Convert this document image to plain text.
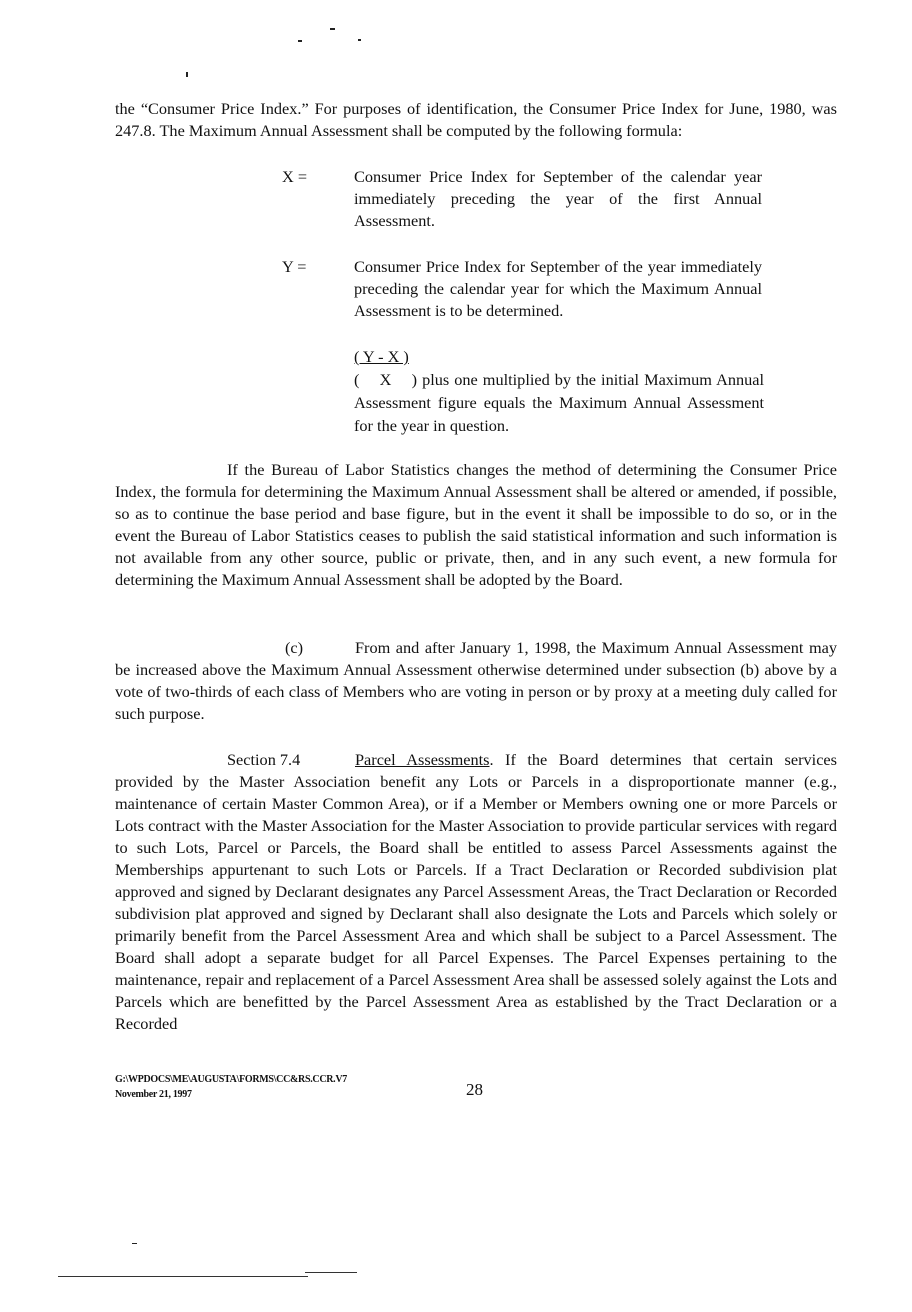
the “Consumer Price Index.” For purposes of identification, the Consumer Price Index for June, 1980, was 247.8. The Maximum Annual Assessment shall be computed by the following formula:

X =	Consumer Price Index for September of the calendar year immediately preceding the year of the first Annual Assessment.

Y =	Consumer Price Index for September of the year immediately preceding the calendar year for which the Maximum Annual Assessment is to be determined.

( Y - X )
(    X    ) plus one multiplied by the initial Maximum Annual Assessment figure equals the Maximum Annual Assessment for the year in question.

If the Bureau of Labor Statistics changes the method of determining the Consumer Price Index, the formula for determining the Maximum Annual Assessment shall be altered or amended, if possible, so as to continue the base period and base figure, but in the event it shall be impossible to do so, or in the event the Bureau of Labor Statistics ceases to publish the said statistical information and such information is not available from any other source, public or private, then, and in any such event, a new formula for determining the Maximum Annual Assessment shall be adopted by the Board.

(c)	From and after January 1, 1998, the Maximum Annual Assessment may be increased above the Maximum Annual Assessment otherwise determined under subsection (b) above by a vote of two-thirds of each class of Members who are voting in person or by proxy at a meeting duly called for such purpose.

Section 7.4	Parcel Assessments. If the Board determines that certain services provided by the Master Association benefit any Lots or Parcels in a disproportionate manner (e.g., maintenance of certain Master Common Area), or if a Member or Members owning one or more Parcels or Lots contract with the Master Association for the Master Association to provide particular services with regard to such Lots, Parcel or Parcels, the Board shall be entitled to assess Parcel Assessments against the Memberships appurtenant to such Lots or Parcels. If a Tract Declaration or Recorded subdivision plat approved and signed by Declarant designates any Parcel Assessment Areas, the Tract Declaration or Recorded subdivision plat approved and signed by Declarant shall also designate the Lots and Parcels which solely or primarily benefit from the Parcel Assessment Area and which shall be subject to a Parcel Assessment. The Board shall adopt a separate budget for all Parcel Expenses. The Parcel Expenses pertaining to the maintenance, repair and replacement of a Parcel Assessment Area shall be assessed solely against the Lots and Parcels which are benefitted by the Parcel Assessment Area as established by the Tract Declaration or a Recorded

G:\WPDOCS\ME\AUGUSTA\FORMS\CC&RS.CCR.V7
November 21, 1997	28
